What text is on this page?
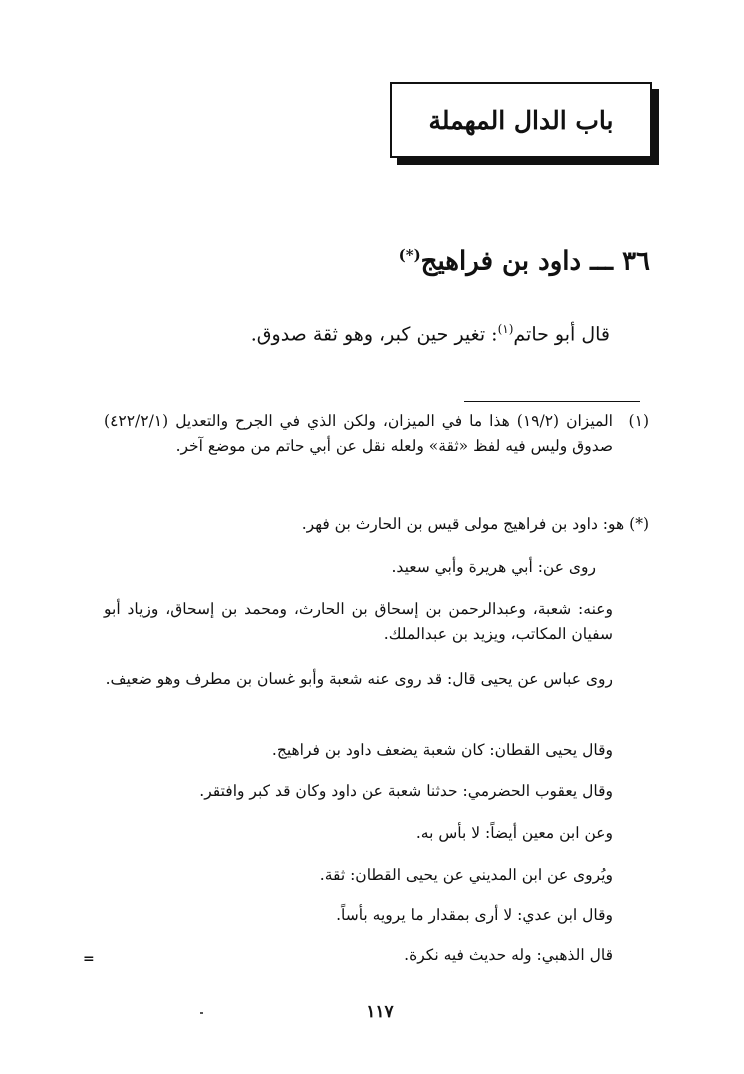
باب الدال المهملة
٣٦ ـــ داود بن فراهيج(*)
قال أبو حاتم$^{(١)}$: تغير حين كبر، وهو ثقة صدوق.
(١)
الميزان (١٩/٢) هذا ما في الميزان، ولكن الذي في الجرح والتعديل (٤٢٢/٢/١) صدوق وليس فيه لفظ «ثقة» ولعله نقل عن أبي حاتم من موضع آخر.
(*) هو: داود بن فراهيج مولى قيس بن الحارث بن فهر.
روى عن: أبي هريرة وأبي سعيد.
وعنه: شعبة، وعبدالرحمن بن إسحاق بن الحارث، ومحمد بن إسحاق، وزياد أبو سفيان المكاتب، ويزيد بن عبدالملك.
روى عباس عن يحيى قال: قد روى عنه شعبة وأبو غسان بن مطرف وهو ضعيف.
وقال يحيى القطان: كان شعبة يضعف داود بن فراهيج.
وقال يعقوب الحضرمي: حدثنا شعبة عن داود وكان قد كبر وافتقر.
وعن ابن معين أيضاً: لا بأس به.
ويُروى عن ابن المديني عن يحيى القطان: ثقة.
وقال ابن عدي: لا أرى بمقدار ما يرويه بأساً.
قال الذهبي: وله حديث فيه نكرة.
=
١١٧
